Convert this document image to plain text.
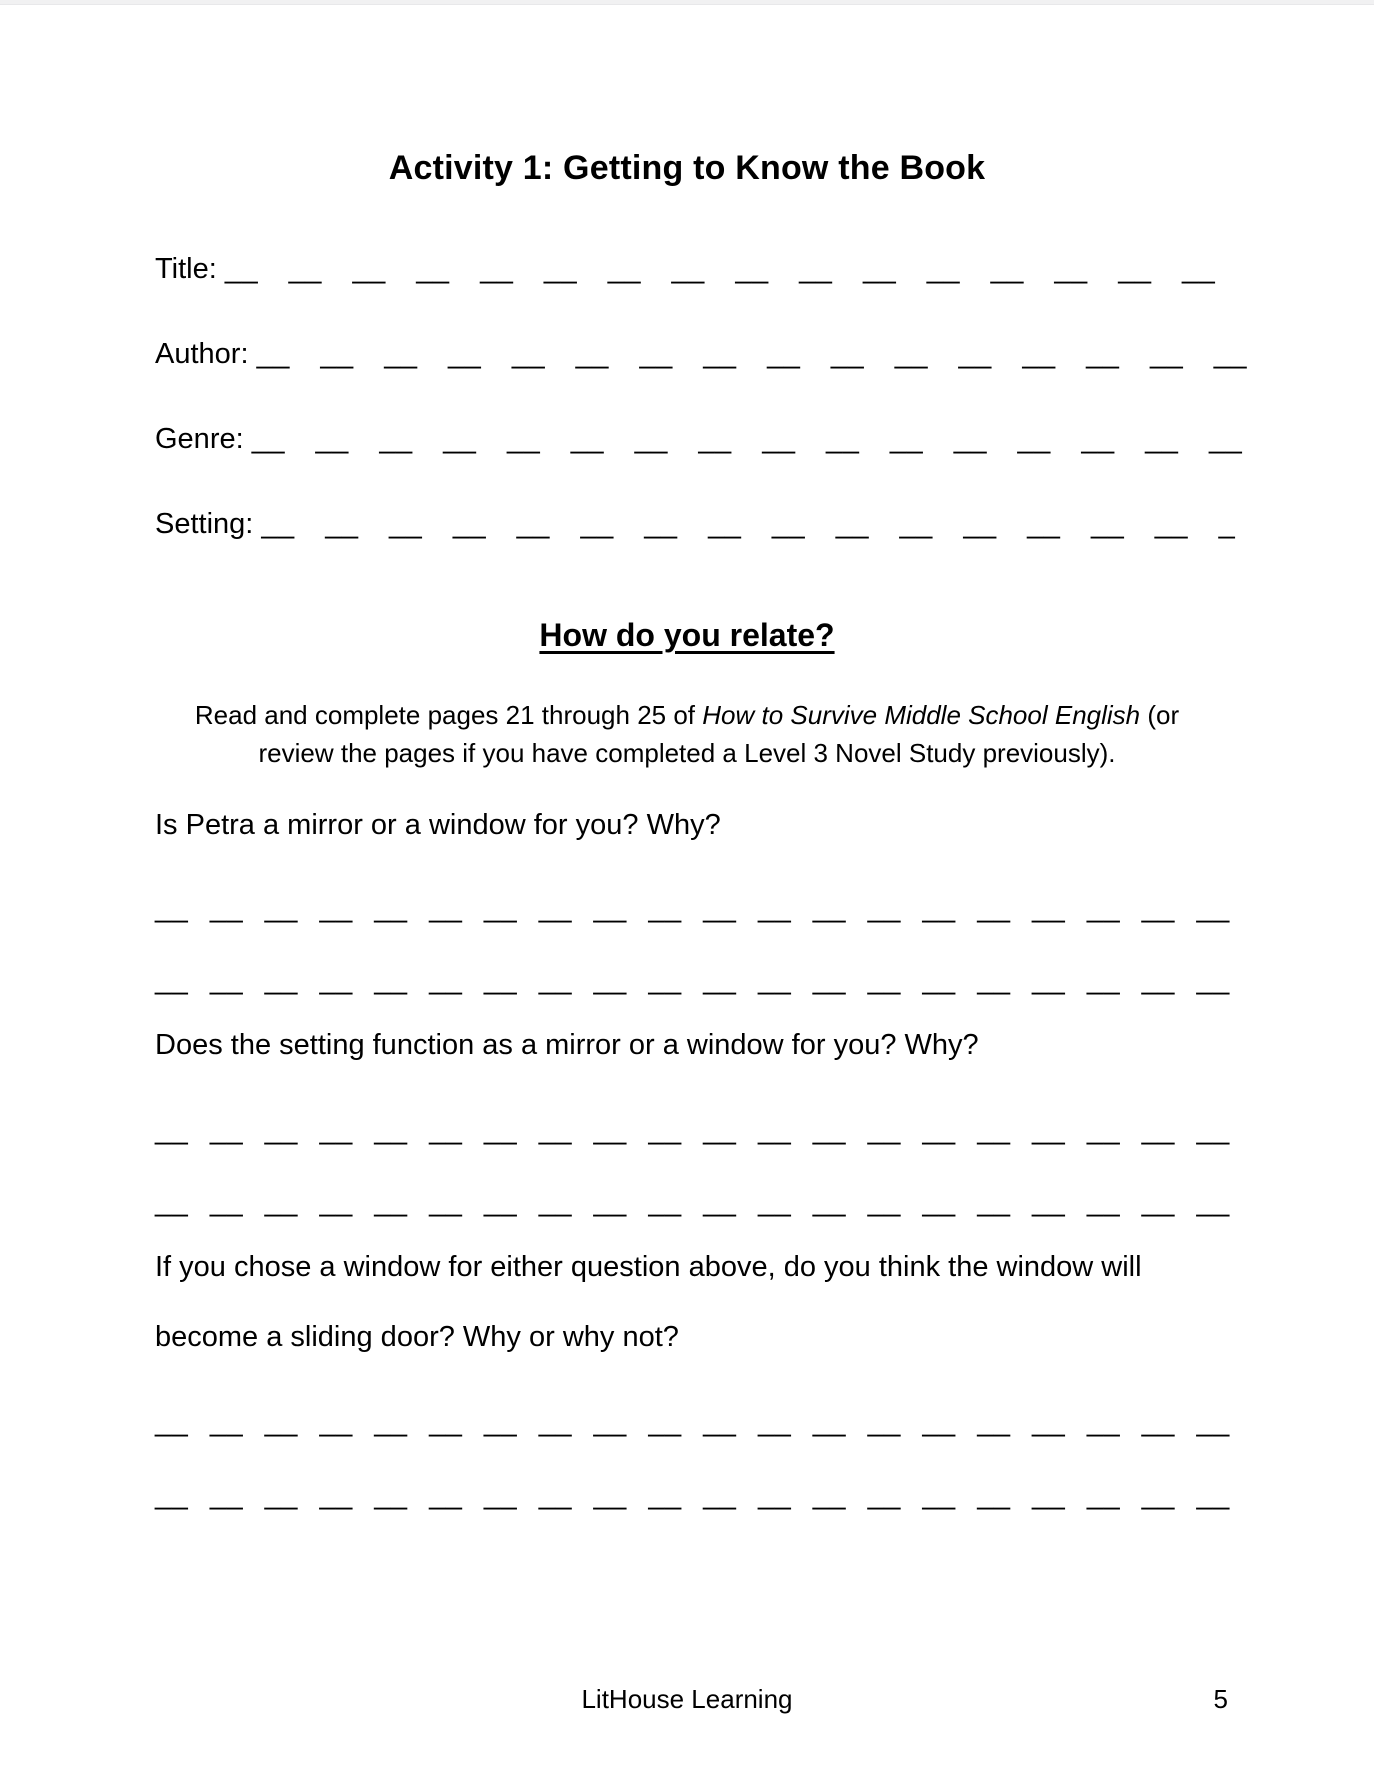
Activity 1: Getting to Know the Book
Title: __ __ __ __ __ __ __ __ __ __ __ __ __ __ __ __
Author: __ __ __ __ __ __ __ __ __ __ __ __ __ __ __ __
Genre: __ __ __ __ __ __ __ __ __ __ __ __ __ __ __ __
Setting: __ __ __ __ __ __ __ __ __ __ __ __ __ __ __ _
How do you relate?

Read and complete pages 21 through 25 of How to Survive Middle School English (or review the pages if you have completed a Level 3 Novel Study previously).

Is Petra a mirror or a window for you? Why?

__ __ __ __ __ __ __ __ __ __ __ __ __ __ __ __ __ __ __ __
__ __ __ __ __ __ __ __ __ __ __ __ __ __ __ __ __ __ __ __

Does the setting function as a mirror or a window for you? Why?

__ __ __ __ __ __ __ __ __ __ __ __ __ __ __ __ __ __ __ __
__ __ __ __ __ __ __ __ __ __ __ __ __ __ __ __ __ __ __ __

If you chose a window for either question above, do you think the window will become a sliding door? Why or why not?

__ __ __ __ __ __ __ __ __ __ __ __ __ __ __ __ __ __ __ __
__ __ __ __ __ __ __ __ __ __ __ __ __ __ __ __ __ __ __ __
LitHouse Learning	5
